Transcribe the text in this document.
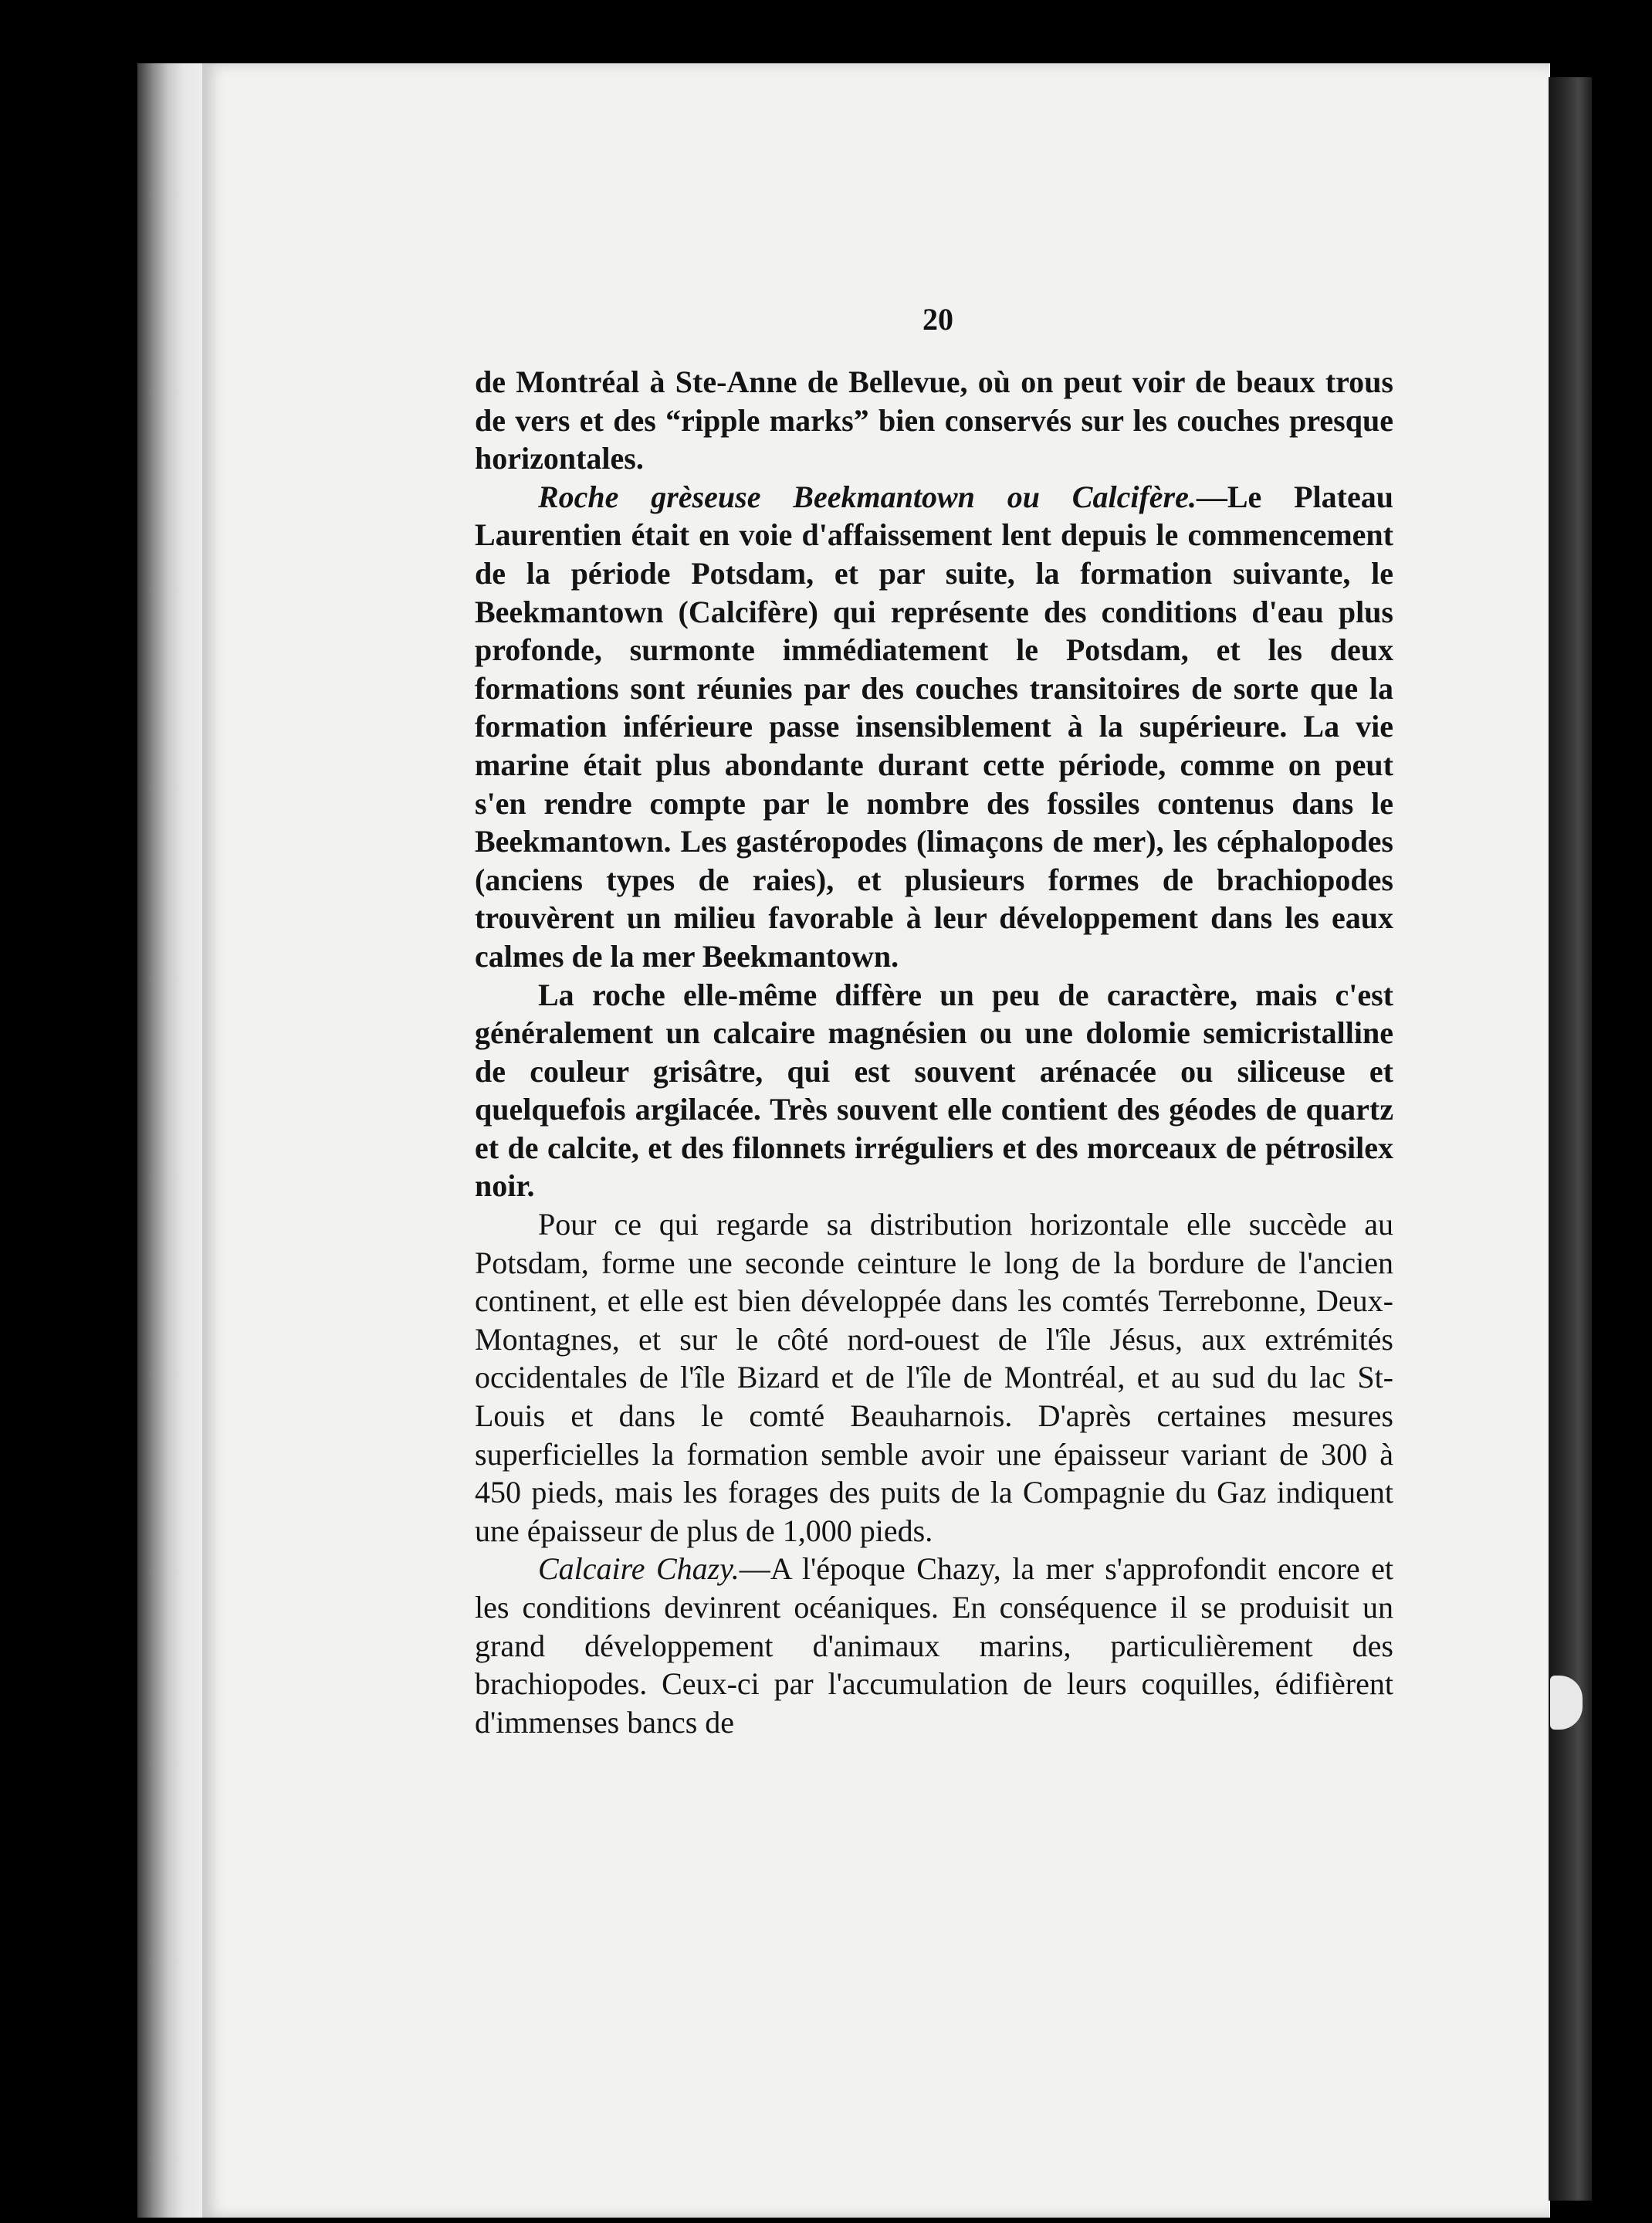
20

de Montréal à Ste-Anne de Bellevue, où on peut voir de beaux trous de vers et des “ripple marks” bien conservés sur les couches presque horizontales.

Roche grèseuse Beekmantown ou Calcifère.—Le Plateau Laurentien était en voie d'affaissement lent depuis le commencement de la période Potsdam, et par suite, la formation suivante, le Beekmantown (Calcifère) qui représente des conditions d'eau plus profonde, surmonte immédiatement le Potsdam, et les deux formations sont réunies par des couches transitoires de sorte que la formation inférieure passe insensiblement à la supérieure. La vie marine était plus abondante durant cette période, comme on peut s'en rendre compte par le nombre des fossiles contenus dans le Beekmantown. Les gastéropodes (limaçons de mer), les céphalopodes (anciens types de raies), et plusieurs formes de brachiopodes trouvèrent un milieu favorable à leur développement dans les eaux calmes de la mer Beekmantown.

La roche elle-même diffère un peu de caractère, mais c'est généralement un calcaire magnésien ou une dolomie semicristalline de couleur grisâtre, qui est souvent arénacée ou siliceuse et quelquefois argilacée. Très souvent elle contient des géodes de quartz et de calcite, et des filonnets irréguliers et des morceaux de pétrosilex noir.

Pour ce qui regarde sa distribution horizontale elle succède au Potsdam, forme une seconde ceinture le long de la bordure de l'ancien continent, et elle est bien développée dans les comtés Terrebonne, Deux-Montagnes, et sur le côté nord-ouest de l'île Jésus, aux extrémités occidentales de l'île Bizard et de l'île de Montréal, et au sud du lac St-Louis et dans le comté Beauharnois. D'après certaines mesures superficielles la formation semble avoir une épaisseur variant de 300 à 450 pieds, mais les forages des puits de la Compagnie du Gaz indiquent une épaisseur de plus de 1,000 pieds.

Calcaire Chazy.—A l'époque Chazy, la mer s'approfondit encore et les conditions devinrent océaniques. En conséquence il se produisit un grand développement d'animaux marins, particulièrement des brachiopodes. Ceux-ci par l'accumulation de leurs coquilles, édifièrent d'immenses bancs de
